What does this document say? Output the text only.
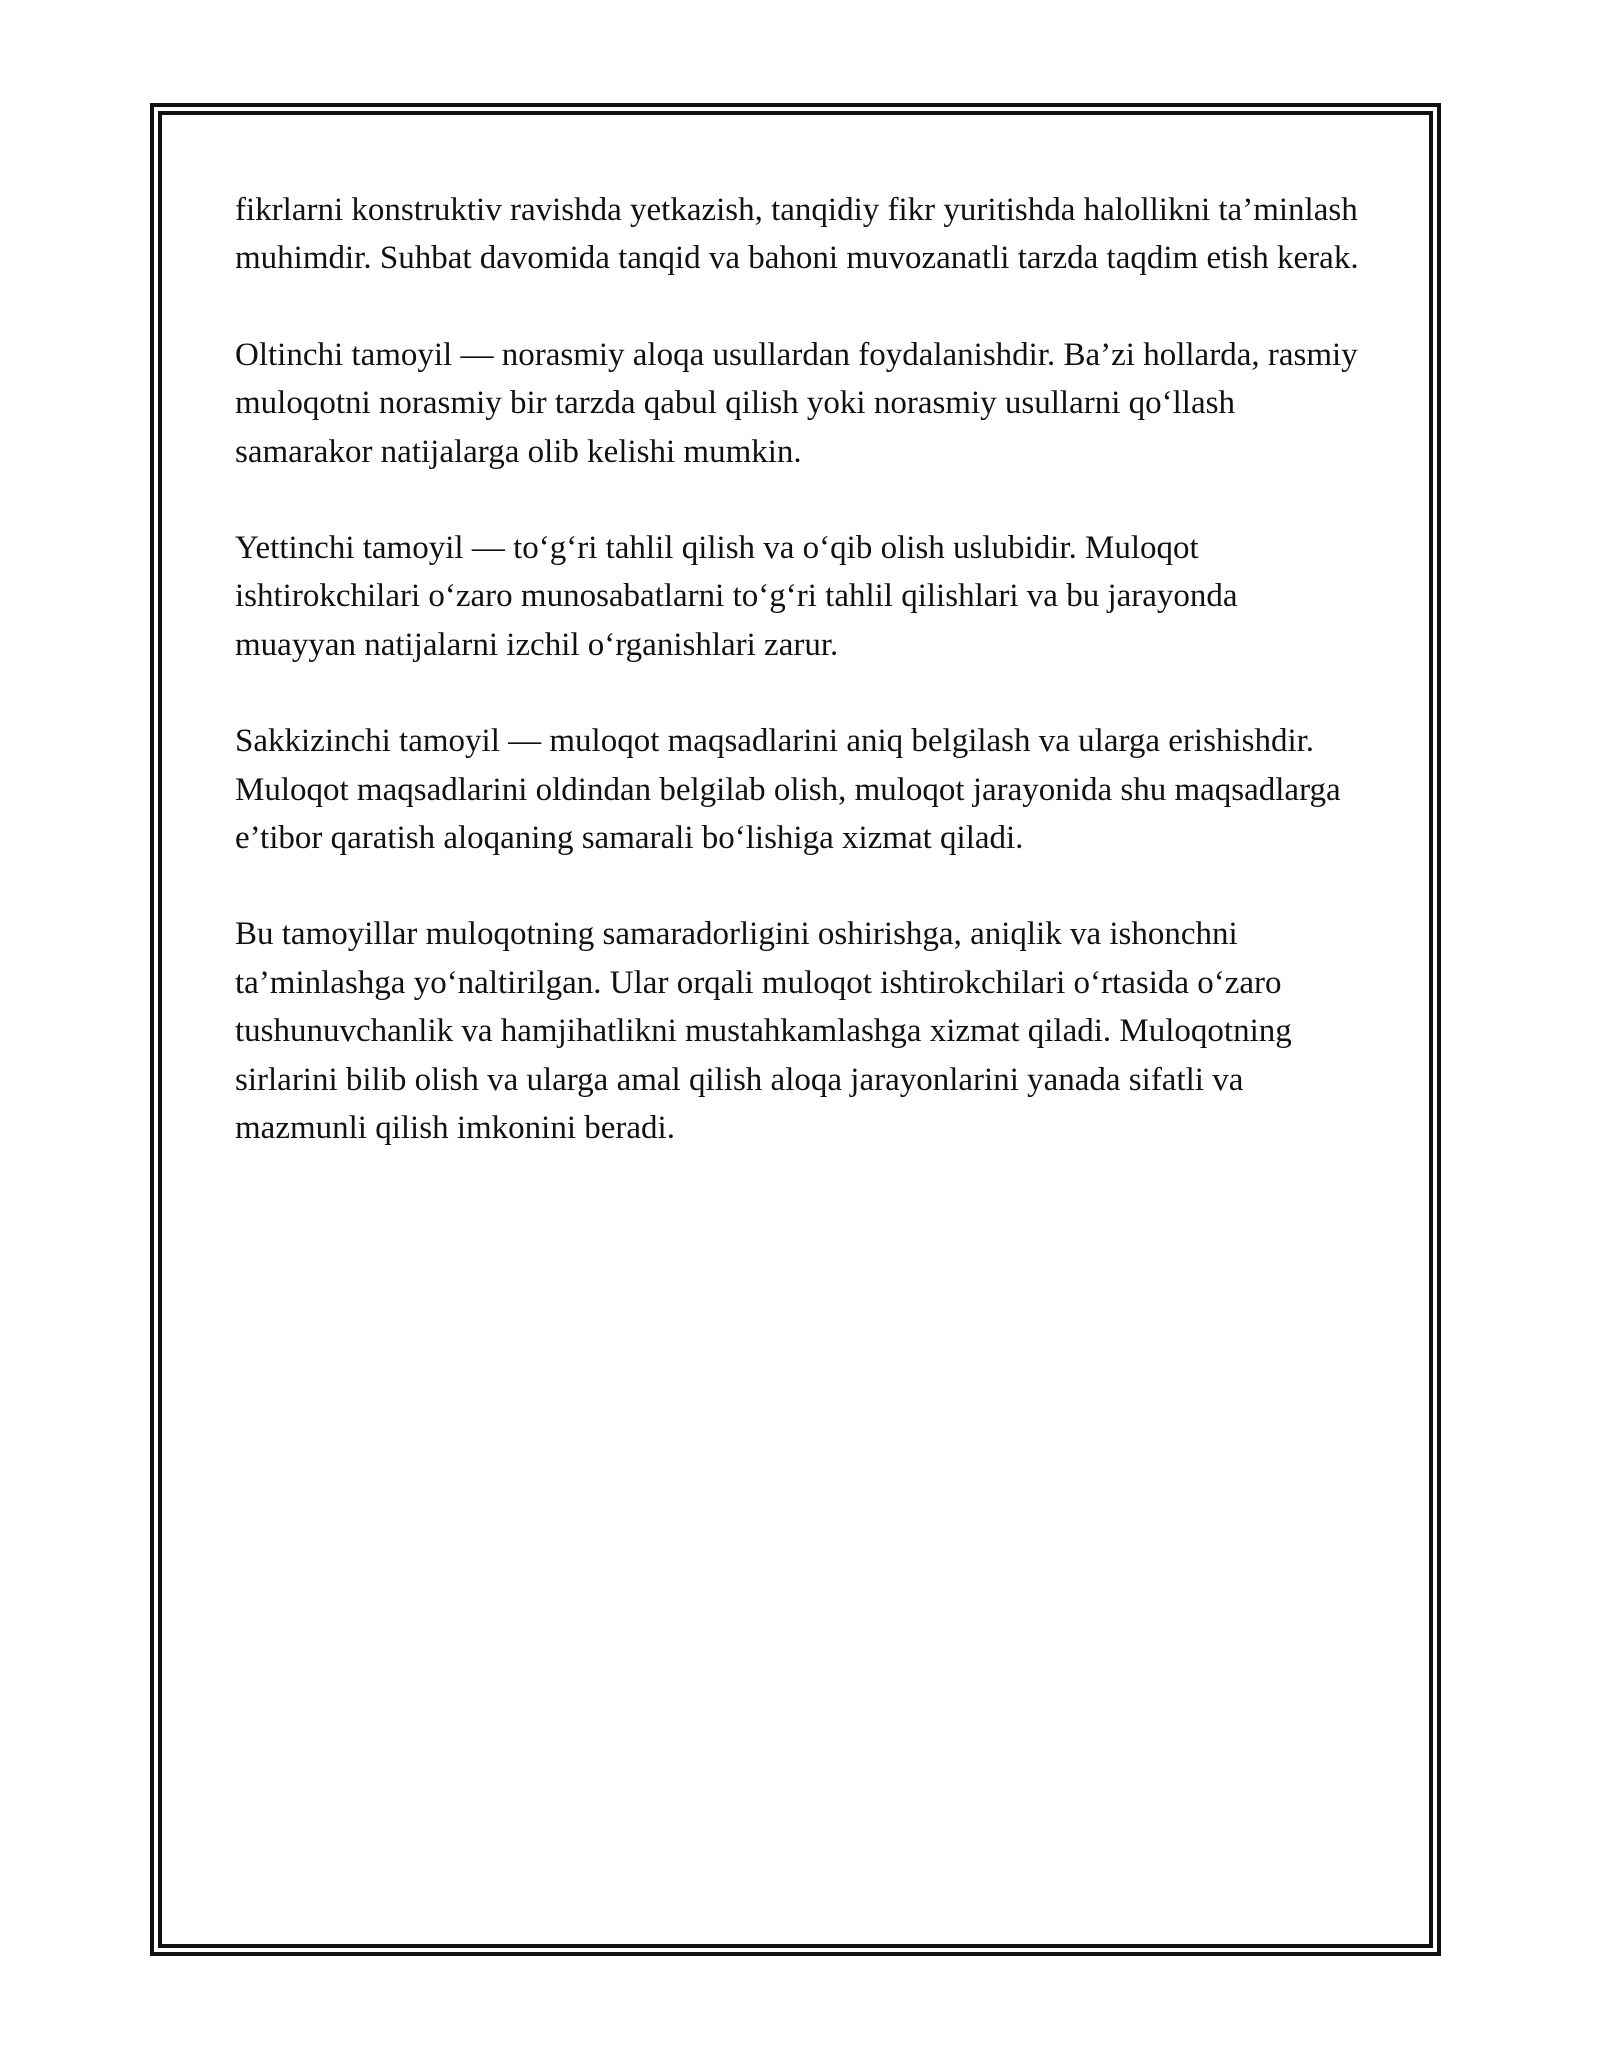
fikrlarni konstruktiv ravishda yetkazish, tanqidiy fikr yuritishda halollikni ta’minlash muhimdir. Suhbat davomida tanqid va bahoni muvozanatli tarzda taqdim etish kerak.

Oltinchi tamoyil — norasmiy aloqa usullardan foydalanishdir. Ba’zi hollarda, rasmiy muloqotni norasmiy bir tarzda qabul qilish yoki norasmiy usullarni qo‘llash samarakor natijalarga olib kelishi mumkin.

Yettinchi tamoyil — to‘g‘ri tahlil qilish va o‘qib olish uslubidir. Muloqot ishtirokchilari o‘zaro munosabatlarni to‘g‘ri tahlil qilishlari va bu jarayonda muayyan natijalarni izchil o‘rganishlari zarur.

Sakkizinchi tamoyil — muloqot maqsadlarini aniq belgilash va ularga erishishdir. Muloqot maqsadlarini oldindan belgilab olish, muloqot jarayonida shu maqsadlarga e’tibor qaratish aloqaning samarali bo‘lishiga xizmat qiladi.

Bu tamoyillar muloqotning samaradorligini oshirishga, aniqlik va ishonchni ta’minlashga yo‘naltirilgan. Ular orqali muloqot ishtirokchilari o‘rtasida o‘zaro tushunuvchanlik va hamjihatlikni mustahkamlashga xizmat qiladi. Muloqotning sirlarini bilib olish va ularga amal qilish aloqa jarayonlarini yanada sifatli va mazmunli qilish imkonini beradi.
